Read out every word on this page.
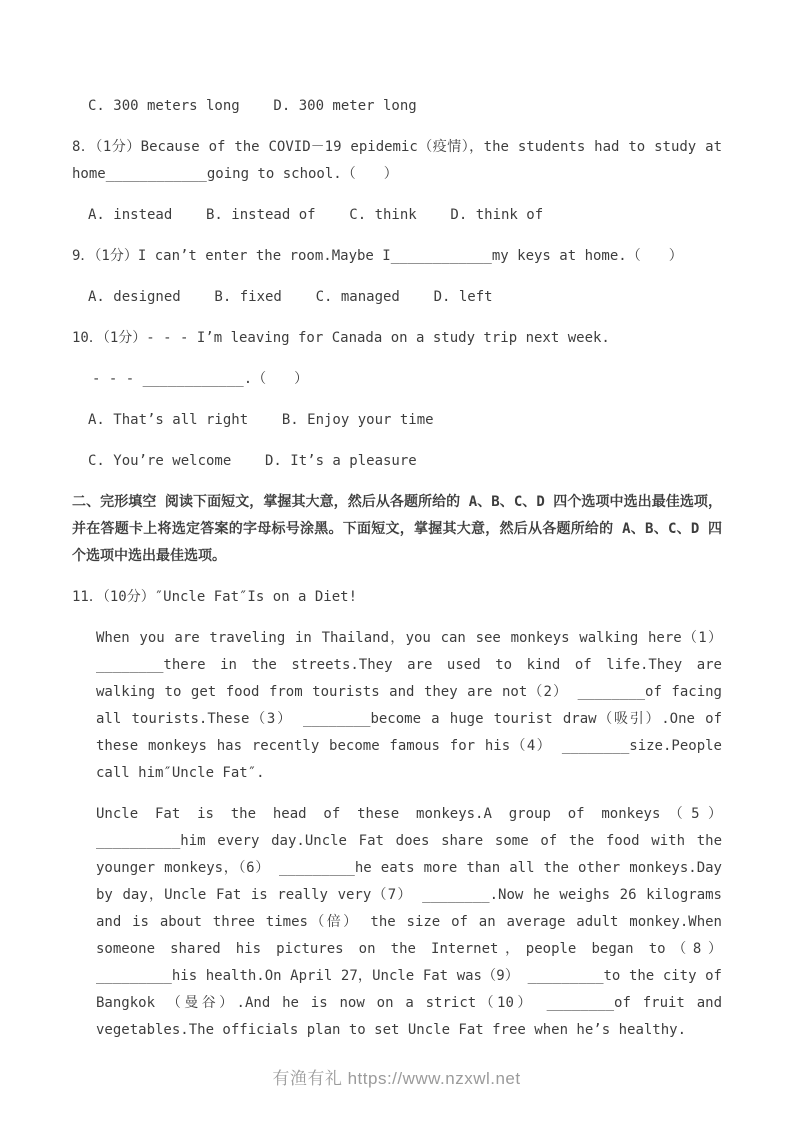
C. 300 meters long    D. 300 meter long

8．（1分）Because of the COVID－19 epidemic（疫情），the students had to study at home____________going to school.（　　）

A. instead    B. instead of    C. think    D. think of

9．（1分）I can’t enter the room.Maybe I____________my keys at home.（　　）

A. designed    B. fixed    C. managed    D. left

10．（1分）- - - I’m leaving for Canada on a study trip next week.

- - - ____________.（　　）

A. That’s all right    B. Enjoy your time

C. You’re welcome    D. It’s a pleasure

二、完形填空 阅读下面短文，掌握其大意，然后从各题所给的 A、B、C、D 四个选项中选出最佳选项，并在答题卡上将选定答案的字母标号涂黑。下面短文，掌握其大意，然后从各题所给的 A、B、C、D 四个选项中选出最佳选项。

11．（10分）″Uncle Fat″Is on a Diet!

When you are traveling in Thailand，you can see monkeys walking here（1） ________there in the streets.They are used to kind of life.They are walking to get food from tourists and they are not（2） ________of facing all tourists.These（3） ________become a huge tourist draw（吸引）.One of these monkeys has recently become famous for his（4） ________size.People call him″Uncle Fat″.

Uncle Fat is the head of these monkeys.A group of monkeys（5） __________him every day.Uncle Fat does share some of the food with the younger monkeys，（6） _________he eats more than all the other monkeys.Day by day，Uncle Fat is really very（7） ________.Now he weighs 26 kilograms and is about three times（倍） the size of an average adult monkey.When someone shared his pictures on the Internet，people began to（8） _________his health.On April 27，Uncle Fat was（9） _________to the city of Bangkok （曼谷）.And he is now on a strict（10） ________of fruit and vegetables.The officials plan to set Uncle Fat free when he’s healthy.

有渔有礼 https://www.nzxwl.net
